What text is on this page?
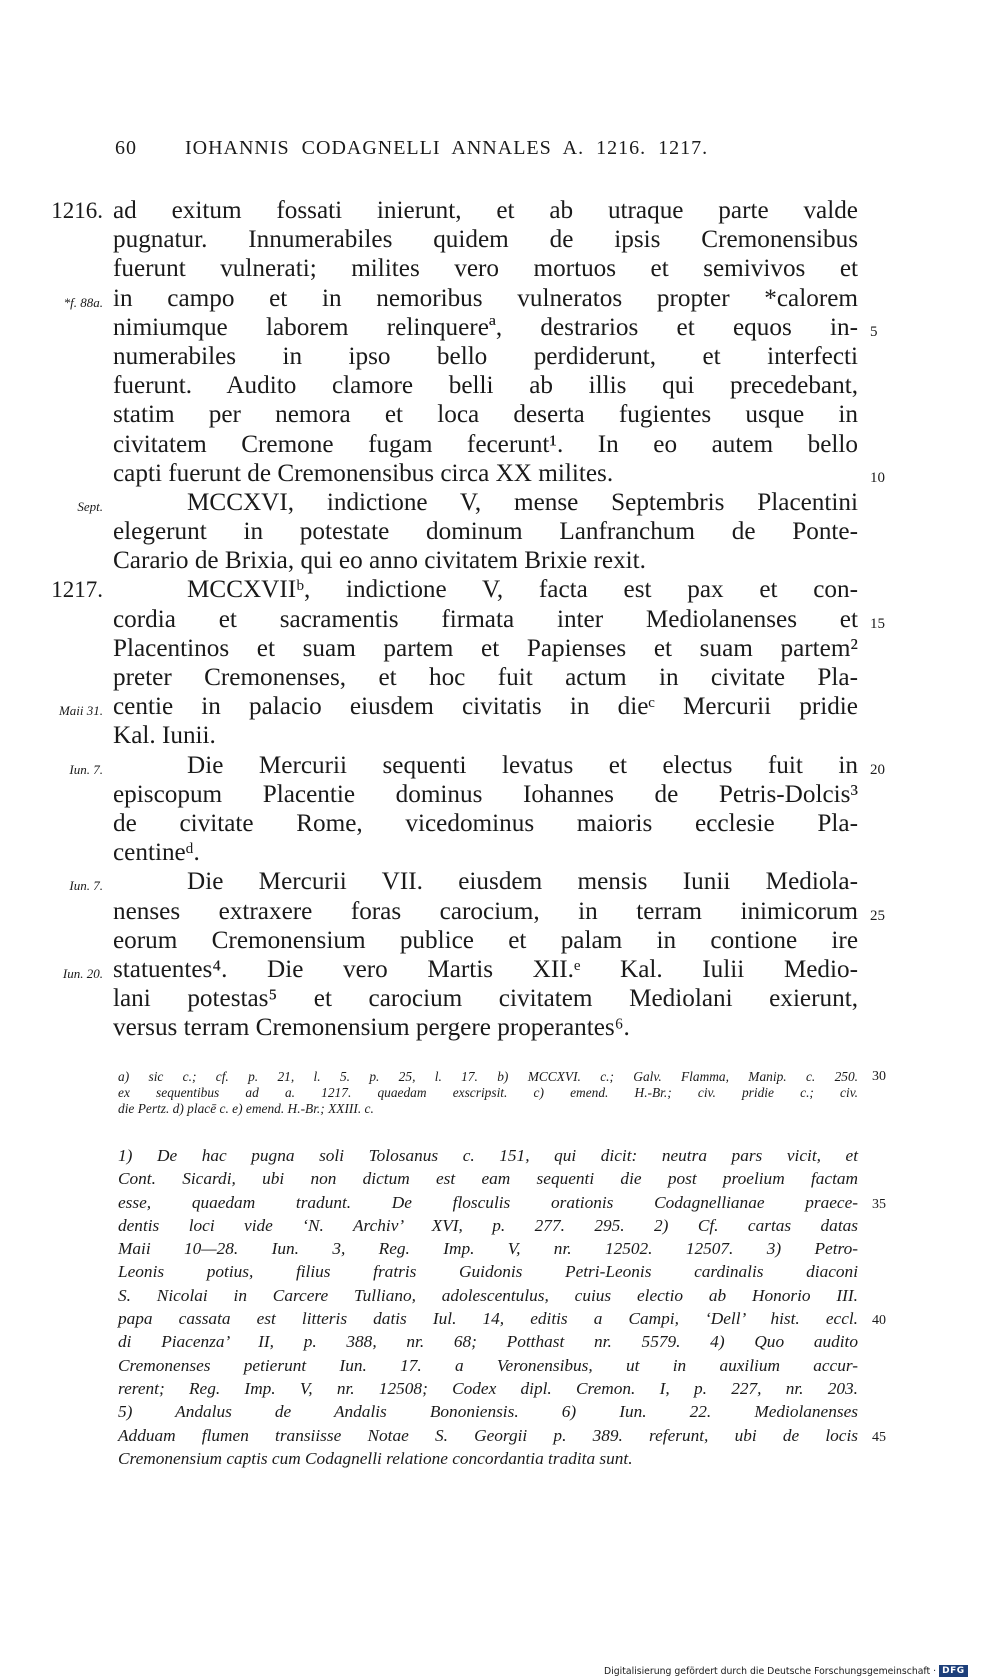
60 IOHANNIS CODAGNELLI ANNALES A. 1216. 1217.
1216. ad exitum fossati inierunt, et ab utraque parte valde
pugnatur. Innumerabiles quidem de ipsis Cremonensibus
fuerunt vulnerati; milites vero mortuos et semivivos et
*f. 88a. in campo et in nemoribus vulneratos propter *calorem
nimiumque laborem relinquereª, destrarios et equos in- 5
numerabiles in ipso bello perdiderunt, et interfecti
fuerunt. Audito clamore belli ab illis qui precedebant,
statim per nemora et loca deserta fugientes usque in
civitatem Cremone fugam fecerunt¹. In eo autem bello
capti fuerunt de Cremonensibus circa XX milites.	10
Sept.	MCCXVI, indictione V, mense Septembris Placentini
elegerunt in potestate dominum Lanfranchum de Ponte-
Carario de Brixia, qui eo anno civitatem Brixie rexit.
1217.	MCCXVIIᵇ, indictione V, facta est pax et con-
cordia et sacramentis firmata inter Mediolanenses et 15
Placentinos et suam partem et Papienses et suam partem²
preter Cremonenses, et hoc fuit actum in civitate Pla-
Maii 31. centie in palacio eiusdem civitatis in dieᶜ Mercurii pridie
Kal. Iunii.
Iun. 7.	Die Mercurii sequenti levatus et electus fuit in 20
episcopum Placentie dominus Iohannes de Petris-Dolcis³
de civitate Rome, vicedominus maioris ecclesie Pla-
centineᵈ.
Iun. 7.	Die Mercurii VII. eiusdem mensis Iunii Mediola-
nenses extraxere foras carocium, in terram inimicorum 25
eorum Cremonensium publice et palam in contione ire
Iun. 20. statuentes⁴. Die vero Martis XII.ᵉ Kal. Iulii Medio-
lani potestas⁵ et carocium civitatem Mediolani exierunt,
versus terram Cremonensium pergere properantes⁶.
a) sic c.; cf. p. 21, l. 5. p. 25, l. 17. b) MCCXVI. c.; Galv. Flamma, Manip. c. 250. 30
ex sequentibus ad a. 1217. quaedam exscripsit. c) emend. H.-Br.; civ. pridie c.; civ.
die Pertz. d) placē c. e) emend. H.-Br.; XXIII. c.
1) De hac pugna soli Tolosanus c. 151, qui dicit: neutra pars vicit, et
Cont. Sicardi, ubi non dictum est eam sequenti die post proelium factam
esse, quaedam tradunt. De flosculis orationis Codagnellianae praece- 35
dentis loci vide ‘N. Archiv’ XVI, p. 277. 295. 2) Cf. cartas datas
Maii 10—28. Iun. 3, Reg. Imp. V, nr. 12502. 12507. 3) Petro-
Leonis potius, filius fratris Guidonis Petri-Leonis cardinalis diaconi
S. Nicolai in Carcere Tulliano, adolescentulus, cuius electio ab Honorio III.
papa cassata est litteris datis Iul. 14, editis a Campi, ‘Dell’ hist. eccl. 40
di Piacenza’ II, p. 388, nr. 68; Potthast nr. 5579. 4) Quo audito
Cremonenses petierunt Iun. 17. a Veronensibus, ut in auxilium accur-
rerent; Reg. Imp. V, nr. 12508; Codex dipl. Cremon. I, p. 227, nr. 203.
5) Andalus de Andalis Bononiensis. 6) Iun. 22. Mediolanenses
Adduam flumen transiisse Notae S. Georgii p. 389. referunt, ubi de locis 45
Cremonensium captis cum Codagnelli relatione concordantia tradita sunt.
Digitalisierung gefördert durch die Deutsche Forschungsgemeinschaft · DFG
